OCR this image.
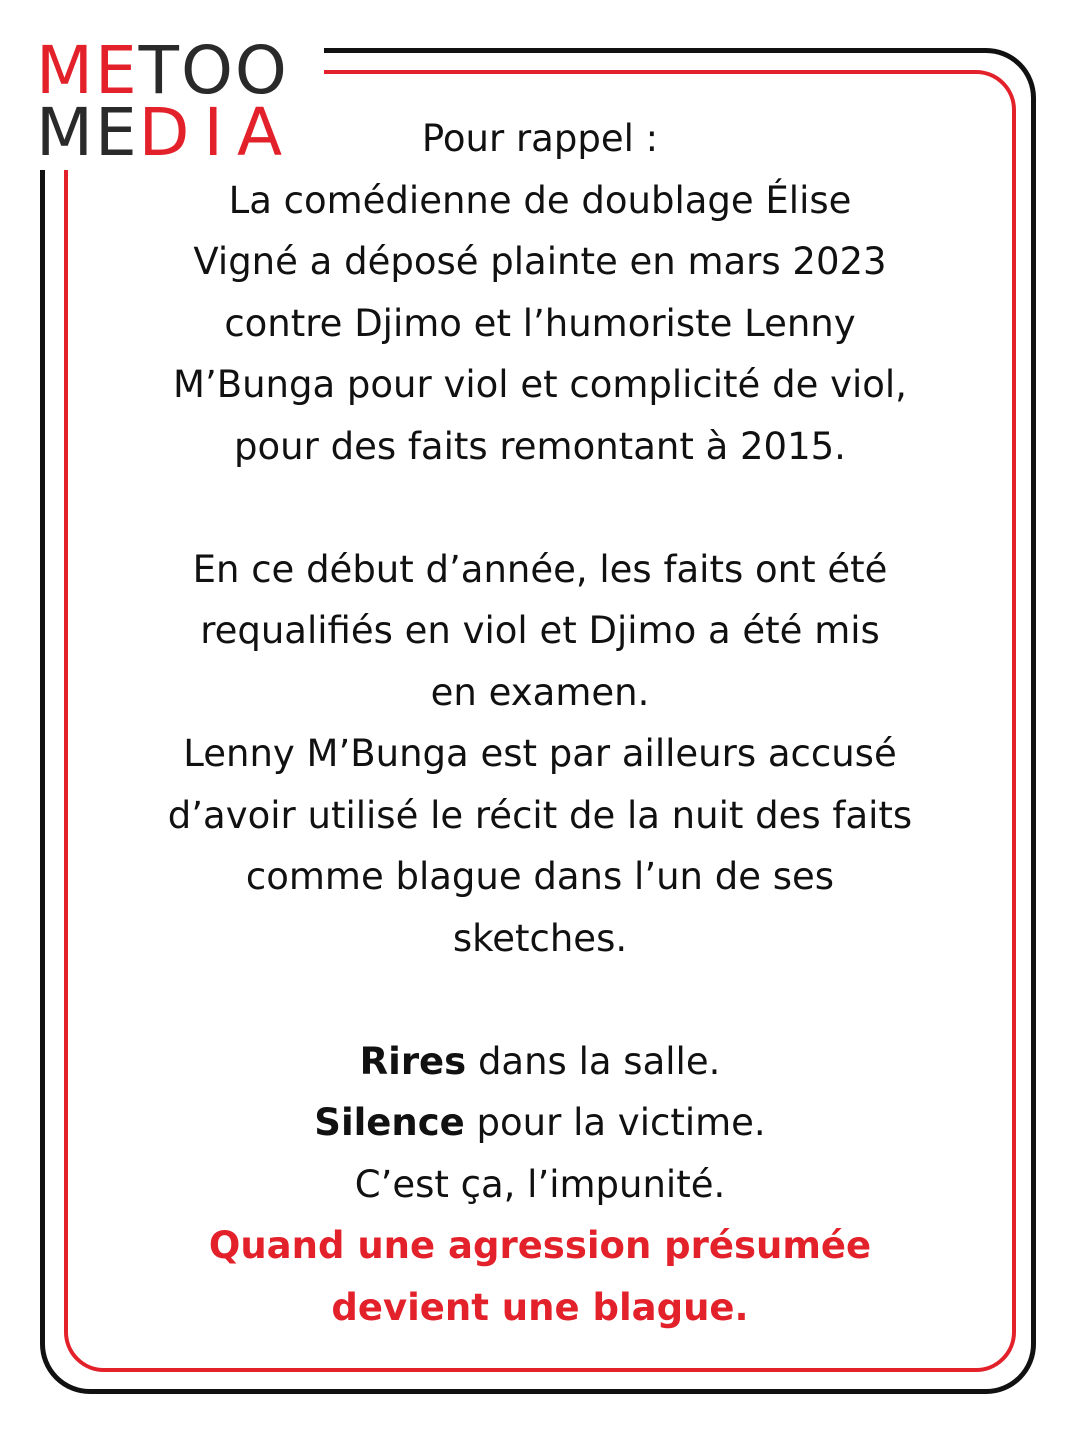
METOO
MEDIA	Pour rappel :

La comédienne de doublage Élise

Vigné a déposé plainte en mars 2023

contre Djimo et l’humoriste Lenny

M’Bunga pour viol et complicité de viol,

pour des faits remontant à 2015.

En ce début d’année, les faits ont été

requalifiés en viol et Djimo a été mis

en examen.

Lenny M’Bunga est par ailleurs accusé

d’avoir utilisé le récit de la nuit des faits

comme blague dans l’un de ses

sketches.

Rires dans la salle.

Silence pour la victime.

C’est ça, l’impunité.

Quand une agression présumée

devient une blague.
